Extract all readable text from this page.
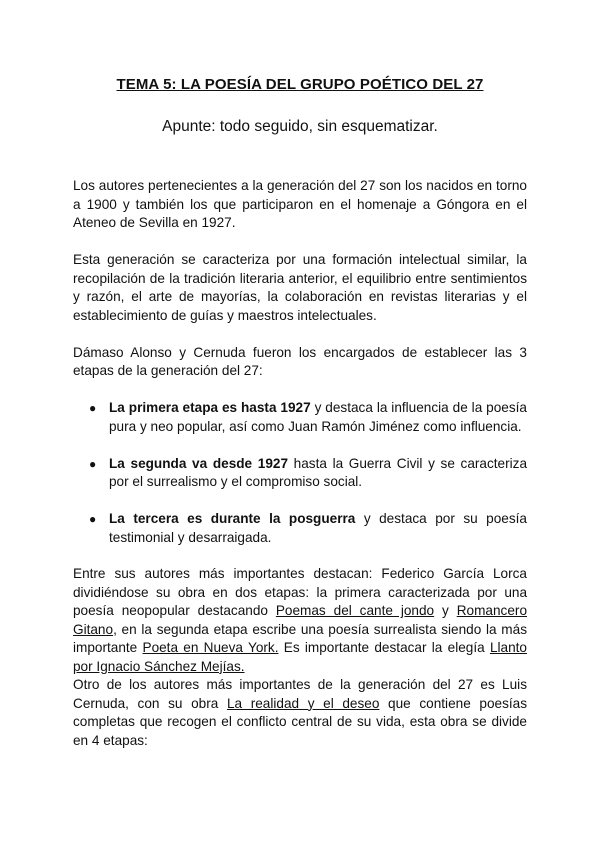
TEMA 5: LA POESÍA DEL GRUPO POÉTICO DEL 27
Apunte: todo seguido, sin esquematizar.

Los autores pertenecientes a la generación del 27 son los nacidos en torno a 1900 y también los que participaron en el homenaje a Góngora en el Ateneo de Sevilla en 1927.

Esta generación se caracteriza por una formación intelectual similar, la recopilación de la tradición literaria anterior, el equilibrio entre sentimientos y razón, el arte de mayorías, la colaboración en revistas literarias y el establecimiento de guías y maestros intelectuales.

Dámaso Alonso y Cernuda fueron los encargados de establecer las 3 etapas de la generación del 27:

● La primera etapa es hasta 1927 y destaca la influencia de la poesía pura y neo popular, así como Juan Ramón Jiménez como influencia.
● La segunda va desde 1927 hasta la Guerra Civil y se caracteriza por el surrealismo y el compromiso social.
● La tercera es durante la posguerra y destaca por su poesía testimonial y desarraigada.

Entre sus autores más importantes destacan: Federico García Lorca dividiéndose su obra en dos etapas: la primera caracterizada por una poesía neopopular destacando Poemas del cante jondo y Romancero Gitano, en la segunda etapa escribe una poesía surrealista siendo la más importante Poeta en Nueva York. Es importante destacar la elegía Llanto por Ignacio Sánchez Mejías.

Otro de los autores más importantes de la generación del 27 es Luis Cernuda, con su obra La realidad y el deseo que contiene poesías completas que recogen el conflicto central de su vida, esta obra se divide en 4 etapas:
